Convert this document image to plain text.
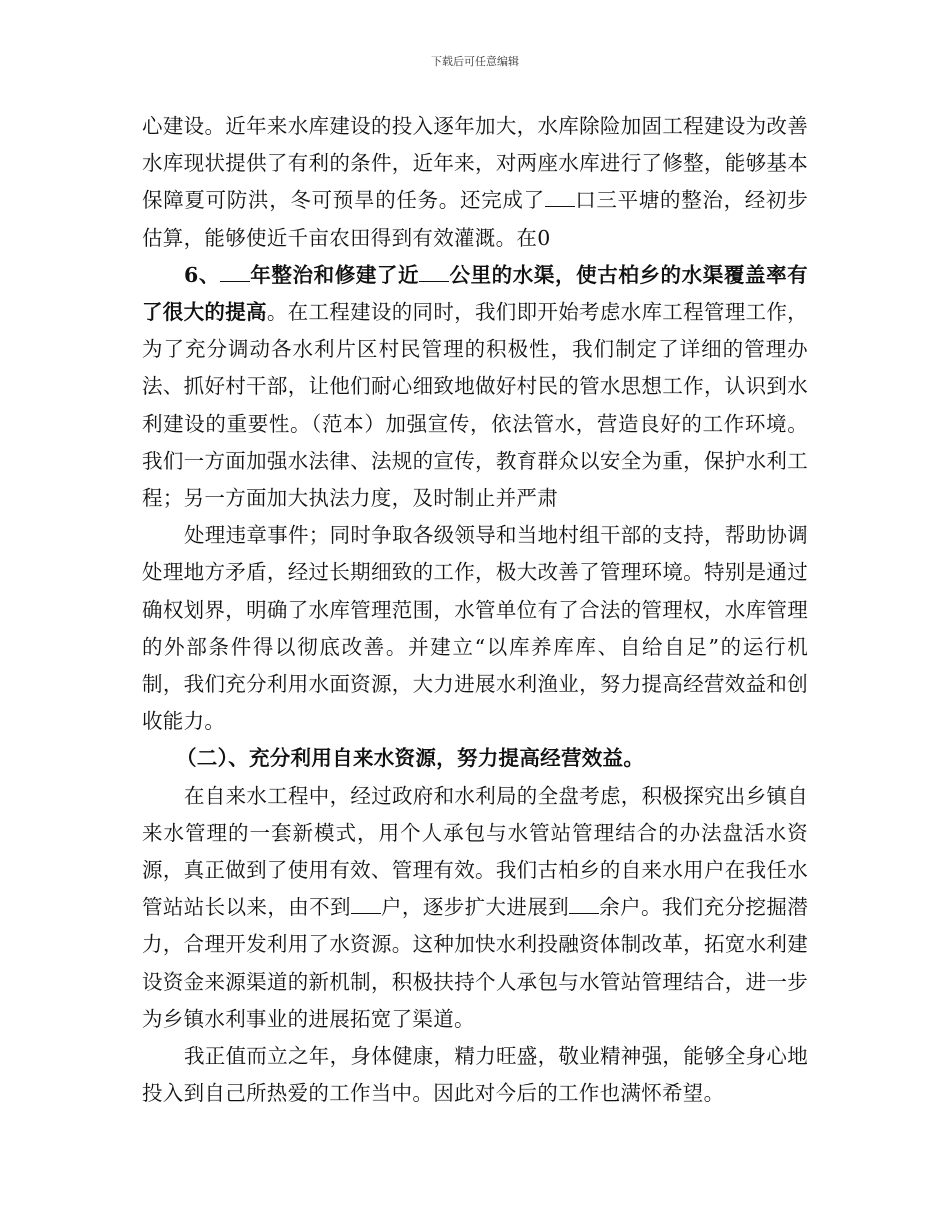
下载后可任意编辑

心建设。近年来水库建设的投入逐年加大，水库除险加固工程建设为改善水库现状提供了有利的条件，近年来，对两座水库进行了修整，能够基本保障夏可防洪，冬可预旱的任务。还完成了 口三平塘的整治，经初步估算，能够使近千亩农田得到有效灌溉。在0

6、 年整治和修建了近 公里的水渠，使古柏乡的水渠覆盖率有了很大的提高。在工程建设的同时，我们即开始考虑水库工程管理工作，为了充分调动各水利片区村民管理的积极性，我们制定了详细的管理办法、抓好村干部，让他们耐心细致地做好村民的管水思想工作，认识到水利建设的重要性。（范本）加强宣传，依法管水，营造良好的工作环境。我们一方面加强水法律、法规的宣传，教育群众以安全为重，保护水利工程；另一方面加大执法力度，及时制止并严肃

处理违章事件；同时争取各级领导和当地村组干部的支持，帮助协调处理地方矛盾，经过长期细致的工作，极大改善了管理环境。特别是通过确权划界，明确了水库管理范围，水管单位有了合法的管理权，水库管理的外部条件得以彻底改善。并建立“以库养库库、自给自足”的运行机制，我们充分利用水面资源，大力进展水利渔业，努力提高经营效益和创收能力。

（二）、充分利用自来水资源，努力提高经营效益。

在自来水工程中，经过政府和水利局的全盘考虑，积极探究出乡镇自来水管理的一套新模式，用个人承包与水管站管理结合的办法盘活水资源，真正做到了使用有效、管理有效。我们古柏乡的自来水用户在我任水管站站长以来，由不到 户，逐步扩大进展到 余户。我们充分挖掘潜力，合理开发利用了水资源。这种加快水利投融资体制改革，拓宽水利建设资金来源渠道的新机制，积极扶持个人承包与水管站管理结合，进一步为乡镇水利事业的进展拓宽了渠道。

我正值而立之年，身体健康，精力旺盛，敬业精神强，能够全身心地投入到自己所热爱的工作当中。因此对今后的工作也满怀希望。
